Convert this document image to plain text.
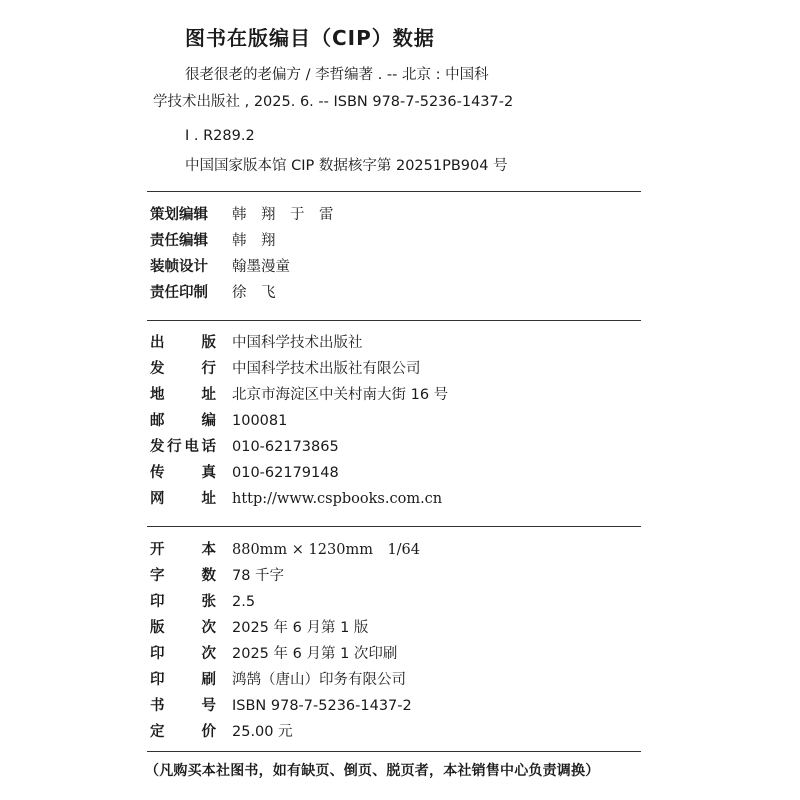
图书在版编目（CIP）数据
很老很老的老偏方 / 李哲编著 . -- 北京 : 中国科
学技术出版社 , 2025. 6. -- ISBN 978-7-5236-1437-2
Ⅰ . R289.2
中国国家版本馆 CIP 数据核字第 20251PB904 号
策划编辑	韩　翔　于　雷
责任编辑	韩　翔
装帧设计	翰墨漫童
责任印制	徐　飞
出版 中国科学技术出版社
发行 中国科学技术出版社有限公司
地址 北京市海淀区中关村南大街 16 号
邮编 100081
发行电话 010-62173865
传真 010-62179148
网址 http://www.cspbooks.com.cn
开本 880mm × 1230mm　1/64
字数 78 千字
印张 2.5
版次 2025 年 6 月第 1 版
印次 2025 年 6 月第 1 次印刷
印刷 鸿鹄（唐山）印务有限公司
书号 ISBN 978-7-5236-1437-2
定价 25.00 元
（凡购买本社图书，如有缺页、倒页、脱页者，本社销售中心负责调换）
